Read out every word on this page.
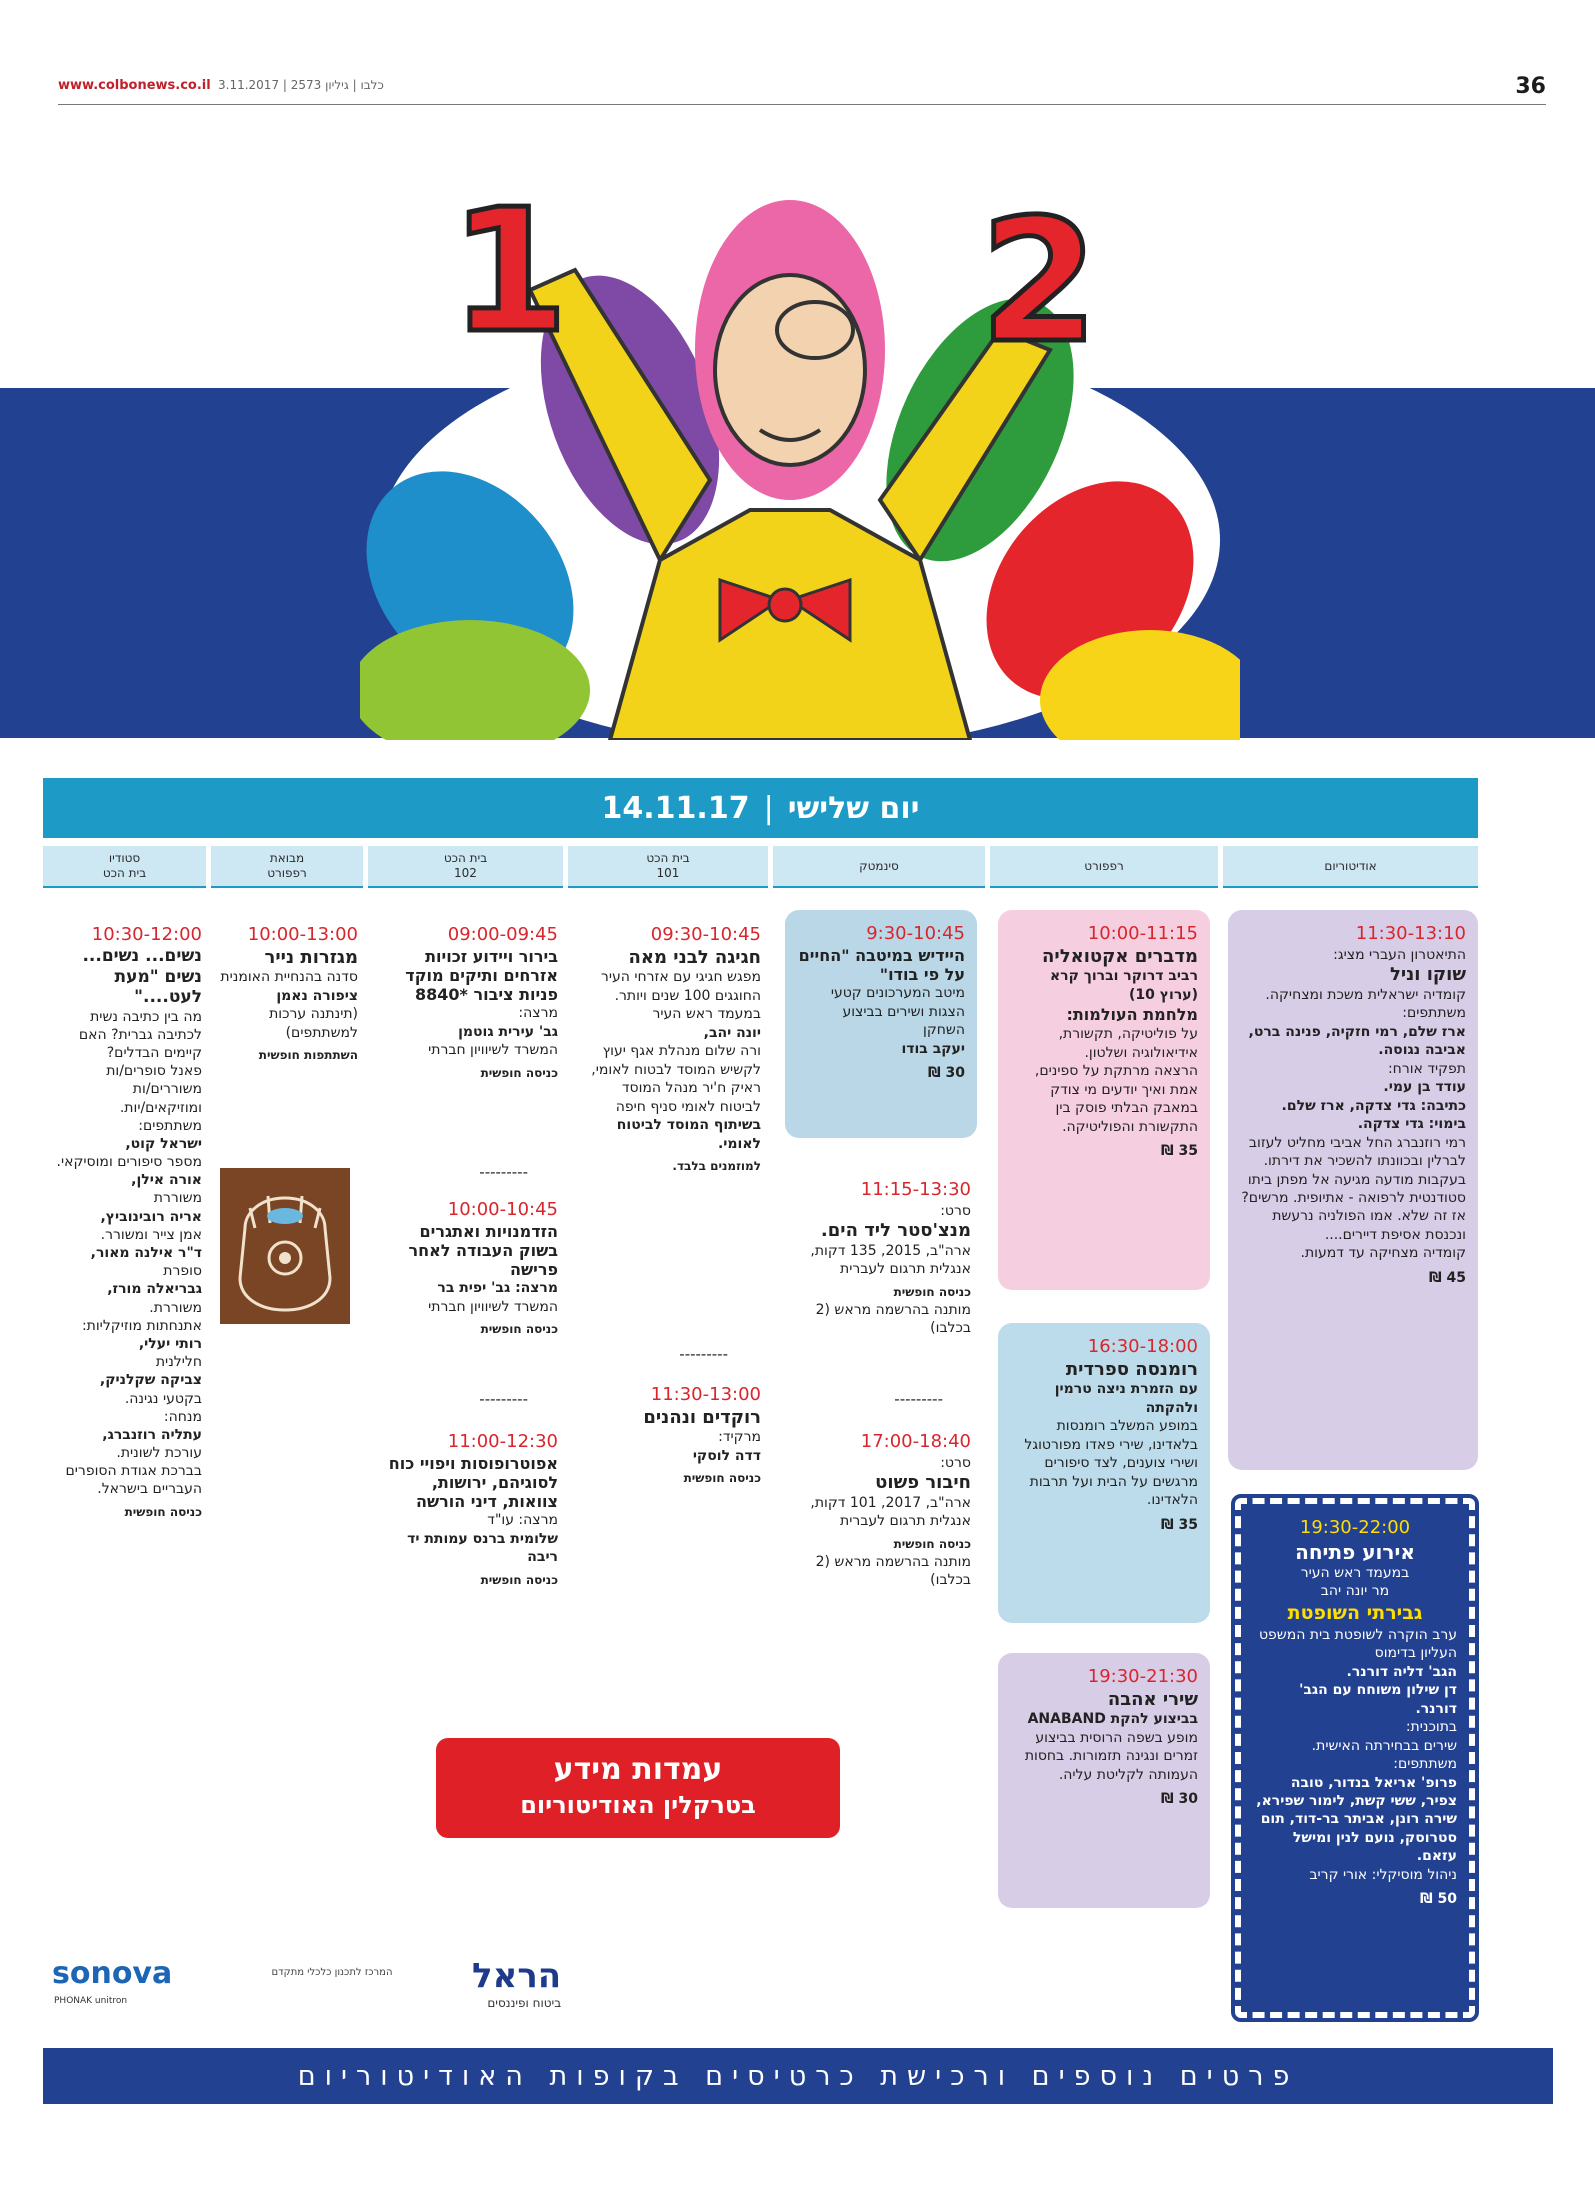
www.colbonews.co.il כלבו | גיליון 2573 | 3.11.2017	36
1 2
יום שלישי
|
14.11.17
אודיטוריום
רפפורט
סינמטק
בית הכט
101
בית הכט
102
מבואת
רפפורט
סטודיו
בית הכט
11:30-13:10
התיאטרון העברי מציג:
שוקו וניל
קומדיה ישראלית משכת ומצחיקה.
משתתפים:
ארז שלם, רמי חזקיה, פנינה ברט, אביבה נגוסה.
תפקיד אורח:
עודד בן עמי.
כתיבה: גדי צדקה, ארז שלם.
בימוי: גדי צדקה.
רמי רוזנברג החל אביבי מחליט לעזוב לברלין ובכוונתו להשכיר את דירתו. בעקבות מודעה מגיעה אל מפתן ביתו סטודנטית לרפואה - אתיופית. מרשים? אז זה שלא. אמו הפולניה נרעשת ונכנסת אסיפת דיירים....
קומדיה מצחיקה עד דמעות.
45 ₪
19:30-22:00
אירוע פתיחה
במעמד ראש העיר
מר יונה יהב
גבירתי השופטת
ערב הוקרה לשופטת בית המשפט העליון בדימוס
הגב' דליה דורנר.
דן שילון משוחח עם הגב' דורנר.
בתוכנית:
שירים בבחירתה האישית.
משתתפים:
פרופ' אריאל בנדור, טובה צפיר, ששי קשת, לימור שפירא, שירה רונן, אביתר בר-דוד, תום סטרוסק, נועם לנין ומישל עזאם.
ניהול מוסיקלי: אורי קריב
50 ₪
10:00-11:15
מדברים אקטואליה
רביב דרוקר וברוך קרא (ערוץ 10)
מלחמת העולמות:
על פוליטיקה, תקשורת, אידיאולוגיה ושלטון.
הרצאה מרתקת על ספינים, אמת ואיך יודעים מי צודק במאבק הבלתי פוסק בין התקשורת והפוליטיקה.
35 ₪
16:30-18:00
רומנסה ספרדית
עם הזמרת ניצה טרמין ולהקתה
במופע המשלב רומנסות בלאדינו, שירי פאדו מפורטוגל ושירי צוענים, לצד סיפורים מרגשים על הבית ועל תרבות הלאדינו.
35 ₪
19:30-21:30
שירי אהבה
בביצוע להקת ANABAND
מופע בשפה הרוסית בביצוע זמרים ונגינה תזמורות. בחסות העמותה לקליטת עליה.
30 ₪
9:30-10:45
היידיש במיטבה "החיים על פי בודו"
מיטב המערכונים קטעי הצגות ושירים בביצוע השחקן
יעקב בודו
30 ₪
11:15-13:30
סרט:
מנצ'סטר ליד הים.
ארה"ב, 2015, 135 דקות, אנגלית תרגום לעברית
כניסה חופשית
מותנה בהרשמה מראש (2 בכלבו)
---------
17:00-18:40
סרט:
חיבור פשוט
ארה"ב, 2017, 101 דקות, אנגלית תרגום לעברית
כניסה חופשית
מותנה בהרשמה מראש (2 בכלבו)
09:30-10:45
חגיגה לבני מאה
מפגש חגיגי עם אזרחי העיר החוגגים 100 שנים ויותר.
במעמד ראש העיר
יונה יהב,
ורה שלום מנהלת אגף יעוץ לקשיש המוסד לבטוח לאומי,
ראיק ח'יר מנהל המוסד לביטוח לאומי סניף חיפה
בשיתוף המוסד לביטוח לאומי.
למוזמנים בלבד.
---------
11:30-13:00
רוקדים ונהנים
מרקיד:
דדה לוסקי
כניסה חופשית
09:00-09:45
בירור ויידוע זכויות אזרחים ותיקים מוקד פניות ציבור *8840
מרצה:
גב' עירית גוטמן
המשרד לשיוויון חברתי
כניסה חופשית
---------
10:00-10:45
הזדמנויות ואתגרים בשוק העבודה לאחר פרישה
מרצה: גב' יפית בר
המשרד לשיוויון חברתי
כניסה חופשית
---------
11:00-12:30
אפוטרופוסות ויפויי כוח לסוגיהם, ירושות, צוואות, דיני הורשה
מרצה: עו"ד
שלומית ברנס עמותת יד ריבה
כניסה חופשית
10:00-13:00
מגזרות נייר
סדנה בהנחיית האומנית
ציפורה נאמן
(תינתנה ערכות למשתתפים)
השתתפות חופשית
10:30-12:00
נשים... נשים... נשים "מעת לעט...."
מה בין כתיבה נשית לכתיבה גברית? האם קיימים הבדלים?
פאנל סופרים/ות משוררים/ות ומוזיקאים/יות.
משתתפים:
ישראל קוט,
מספר סיפורים ומוסיקאי.
אורה אילן,
משוררת
אריה רובינוביץ,
אמן צייר ומשורר.
ד"ר אילנה מאור,
סופרת
גבריאלה מורז,
משוררת.
אתנחתות מוזיקליות:
רותי יעלי,
חלילנית
צביקה שקלניק,
בקטעי נגינה.
מנחה:
עתליה רוזנברג,
עורכת לשונית.
בברכת אגודת הסופרים העבריים בישראל.
כניסה חופשית
עמדות מידע
בטרקלין האודיטוריום
sonova
PHONAK unitron
המרכז לתכנון כלכלי מתקדם	הראל
ביטוח ופיננסים
פרטים נוספים ורכישת כרטיסים בקופות האודיטוריום
